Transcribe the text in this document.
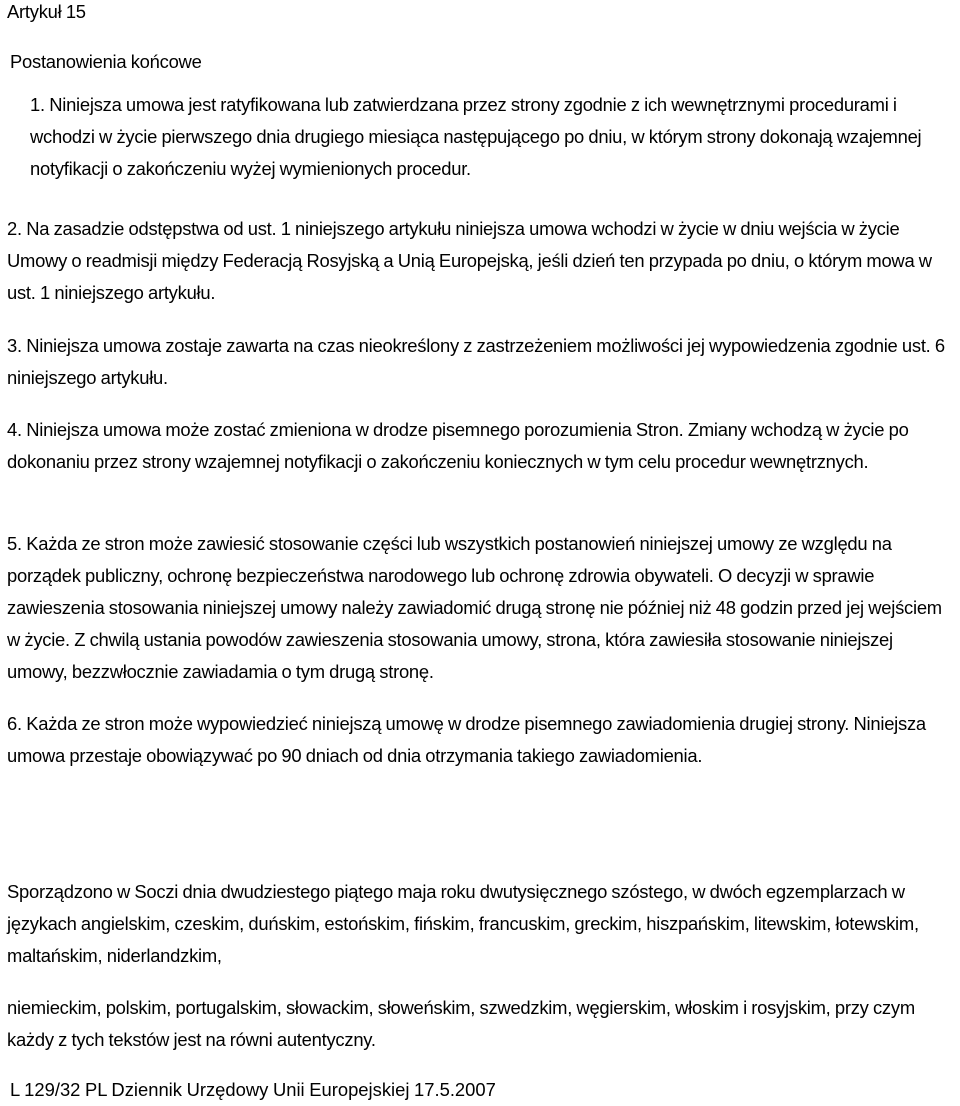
Artykuł 15

Postanowienia końcowe

1. Niniejsza umowa jest ratyfikowana lub zatwierdzana przez strony zgodnie z ich wewnętrznymi procedurami i wchodzi w życie pierwszego dnia drugiego miesiąca następującego po dniu, w którym strony dokonają wzajemnej notyfikacji o zakończeniu wyżej wymienionych procedur.

2. Na zasadzie odstępstwa od ust. 1 niniejszego artykułu niniejsza umowa wchodzi w życie w dniu wejścia w życie Umowy o readmisji między Federacją Rosyjską a Unią Europejską, jeśli dzień ten przypada po dniu, o którym mowa w ust. 1 niniejszego artykułu.

3. Niniejsza umowa zostaje zawarta na czas nieokreślony z zastrzeżeniem możliwości jej wypowiedzenia zgodnie ust. 6 niniejszego artykułu.

4. Niniejsza umowa może zostać zmieniona w drodze pisemnego porozumienia Stron. Zmiany wchodzą w życie po dokonaniu przez strony wzajemnej notyfikacji o zakończeniu koniecznych w tym celu procedur wewnętrznych.

5. Każda ze stron może zawiesić stosowanie części lub wszystkich postanowień niniejszej umowy ze względu na porządek publiczny, ochronę bezpieczeństwa narodowego lub ochronę zdrowia obywateli. O decyzji w sprawie zawieszenia stosowania niniejszej umowy należy zawiadomić drugą stronę nie później niż 48 godzin przed jej wejściem w życie. Z chwilą ustania powodów zawieszenia stosowania umowy, strona, która zawiesiła stosowanie niniejszej umowy, bezzwłocznie zawiadamia o tym drugą stronę.

6. Każda ze stron może wypowiedzieć niniejszą umowę w drodze pisemnego zawiadomienia drugiej strony. Niniejsza umowa przestaje obowiązywać po 90 dniach od dnia otrzymania takiego zawiadomienia.

Sporządzono w Soczi dnia dwudziestego piątego maja roku dwutysięcznego szóstego, w dwóch egzemplarzach w językach angielskim, czeskim, duńskim, estońskim, fińskim, francuskim, greckim, hiszpańskim, litewskim, łotewskim, maltańskim, niderlandzkim,

niemieckim, polskim, portugalskim, słowackim, słoweńskim, szwedzkim, węgierskim, włoskim i rosyjskim, przy czym każdy z tych tekstów jest na równi autentyczny.

L 129/32 PL Dziennik Urzędowy Unii Europejskiej 17.5.2007
